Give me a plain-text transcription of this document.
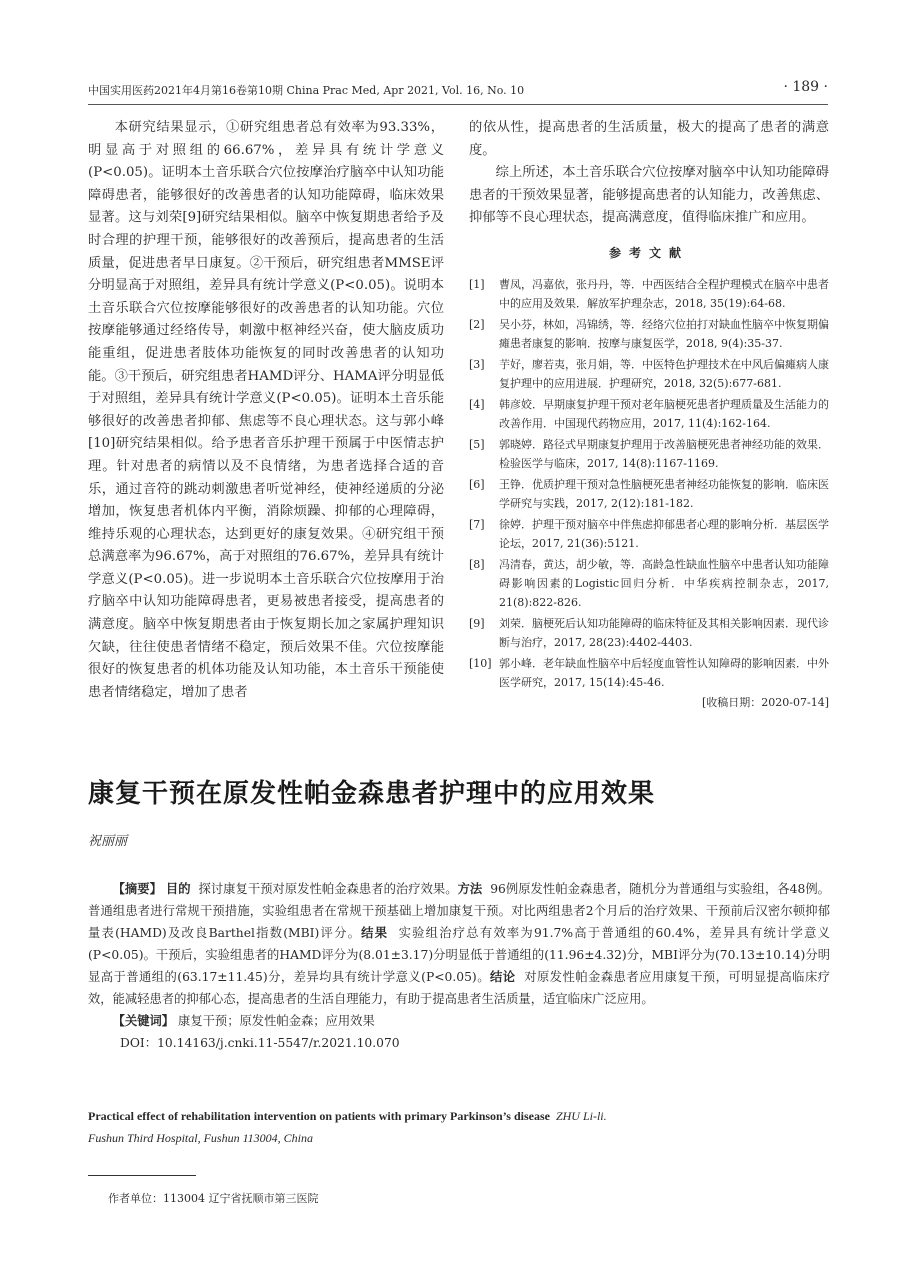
中国实用医药2021年4月第16卷第10期 China Prac Med, Apr 2021, Vol. 16, No. 10	· 189 ·

本研究结果显示，①研究组患者总有效率为93.33%，明显高于对照组的66.67%，差异具有统计学意义(P<0.05)。证明本土音乐联合穴位按摩治疗脑卒中认知功能障碍患者，能够很好的改善患者的认知功能障碍，临床效果显著。这与刘荣[9]研究结果相似。脑卒中恢复期患者给予及时合理的护理干预，能够很好的改善预后，提高患者的生活质量，促进患者早日康复。②干预后，研究组患者MMSE评分明显高于对照组，差异具有统计学意义(P<0.05)。说明本土音乐联合穴位按摩能够很好的改善患者的认知功能。穴位按摩能够通过经络传导，刺激中枢神经兴奋，使大脑皮质功能重组，促进患者肢体功能恢复的同时改善患者的认知功能。③干预后，研究组患者HAMD评分、HAMA评分明显低于对照组，差异具有统计学意义(P<0.05)。证明本土音乐能够很好的改善患者抑郁、焦虑等不良心理状态。这与郭小峰[10]研究结果相似。给予患者音乐护理干预属于中医情志护理。针对患者的病情以及不良情绪，为患者选择合适的音乐，通过音符的跳动刺激患者听觉神经，使神经递质的分泌增加，恢复患者机体内平衡，消除烦躁、抑郁的心理障碍，维持乐观的心理状态，达到更好的康复效果。④研究组干预总满意率为96.67%，高于对照组的76.67%，差异具有统计学意义(P<0.05)。进一步说明本土音乐联合穴位按摩用于治疗脑卒中认知功能障碍患者，更易被患者接受，提高患者的满意度。脑卒中恢复期患者由于恢复期长加之家属护理知识欠缺，往往使患者情绪不稳定，预后效果不佳。穴位按摩能很好的恢复患者的机体功能及认知功能，本土音乐干预能使患者情绪稳定，增加了患者

的依从性，提高患者的生活质量，极大的提高了患者的满意度。

综上所述，本土音乐联合穴位按摩对脑卒中认知功能障碍患者的干预效果显著，能够提高患者的认知能力，改善焦虑、抑郁等不良心理状态，提高满意度，值得临床推广和应用。

参考文献
[1]	曹凤，冯嘉依，张丹丹，等．中西医结合全程护理模式在脑卒中患者中的应用及效果．解放军护理杂志，2018, 35(19):64-68.
[2]	吴小芬，林如，冯锦绣，等．经络穴位拍打对缺血性脑卒中恢复期偏瘫患者康复的影响．按摩与康复医学，2018, 9(4):35-37.
[3]	芋好，廖若夷，张月娟，等．中医特色护理技术在中风后偏瘫病人康复护理中的应用进展．护理研究，2018, 32(5):677-681.
[4]	韩彦姣．早期康复护理干预对老年脑梗死患者护理质量及生活能力的改善作用．中国现代药物应用，2017, 11(4):162-164.
[5]	郭晓婷．路径式早期康复护理用于改善脑梗死患者神经功能的效果．检验医学与临床，2017, 14(8):1167-1169.
[6]	王铮．优质护理干预对急性脑梗死患者神经功能恢复的影响．临床医学研究与实践，2017, 2(12):181-182.
[7]	徐婷．护理干预对脑卒中伴焦虑抑郁患者心理的影响分析．基层医学论坛，2017, 21(36):5121.
[8]	冯清春，黄达，胡少敏，等．高龄急性缺血性脑卒中患者认知功能障碍影响因素的Logistic回归分析．中华疾病控制杂志，2017, 21(8):822-826.
[9]	刘荣．脑梗死后认知功能障碍的临床特征及其相关影响因素．现代诊断与治疗，2017, 28(23):4402-4403.
[10] 郭小峰．老年缺血性脑卒中后轻度血管性认知障碍的影响因素．中外医学研究，2017, 15(14):45-46.
[收稿日期：2020-07-14]
康复干预在原发性帕金森患者护理中的应用效果
祝丽丽

【摘要】 目的 探讨康复干预对原发性帕金森患者的治疗效果。方法 96例原发性帕金森患者，随机分为普通组与实验组，各48例。普通组患者进行常规干预措施，实验组患者在常规干预基础上增加康复干预。对比两组患者2个月后的治疗效果、干预前后汉密尔顿抑郁量表(HAMD)及改良Barthel指数(MBI)评分。结果 实验组治疗总有效率为91.7%高于普通组的60.4%，差异具有统计学意义(P<0.05)。干预后，实验组患者的HAMD评分为(8.01±3.17)分明显低于普通组的(11.96±4.32)分，MBI评分为(70.13±10.14)分明显高于普通组的(63.17±11.45)分，差异均具有统计学意义(P<0.05)。结论 对原发性帕金森患者应用康复干预，可明显提高临床疗效，能减轻患者的抑郁心态，提高患者的生活自理能力，有助于提高患者生活质量，适宜临床广泛应用。

【关键词】 康复干预；原发性帕金森；应用效果

DOI：10.14163/j.cnki.11-5547/r.2021.10.070

Practical effect of rehabilitation intervention on patients with primary Parkinson’s disease ZHU Li-li.
Fushun Third Hospital, Fushun 113004, China
作者单位：113004 辽宁省抚顺市第三医院
